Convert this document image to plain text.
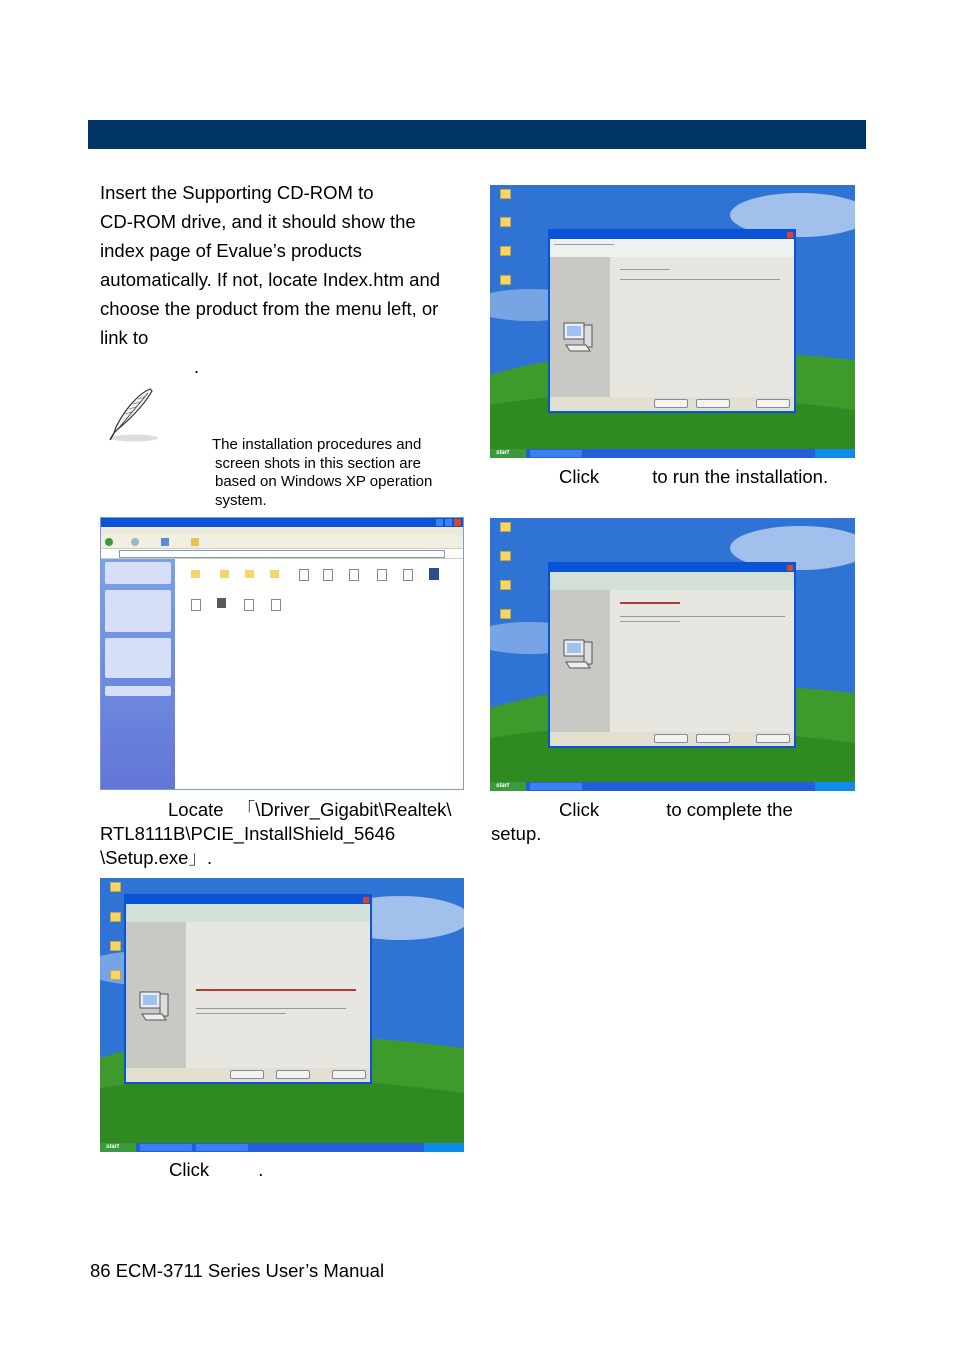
Insert the Supporting CD-ROM to

CD-ROM drive, and it should show the

index page of Evalue’s products

automatically. If not, locate Index.htm and

choose the product from the menu left, or

link to

.

The installation procedures and
screen shots in this section are
based on Windows XP operation
system.
Locate 「\Driver_Gigabit\Realtek\
RTL8111B\PCIE_InstallShield_5646
\Setup.exe」.
start
Click	.
start
Click	to run the installation.
start
Click	to complete the
setup.
86 ECM-3711 Series User’s Manual
